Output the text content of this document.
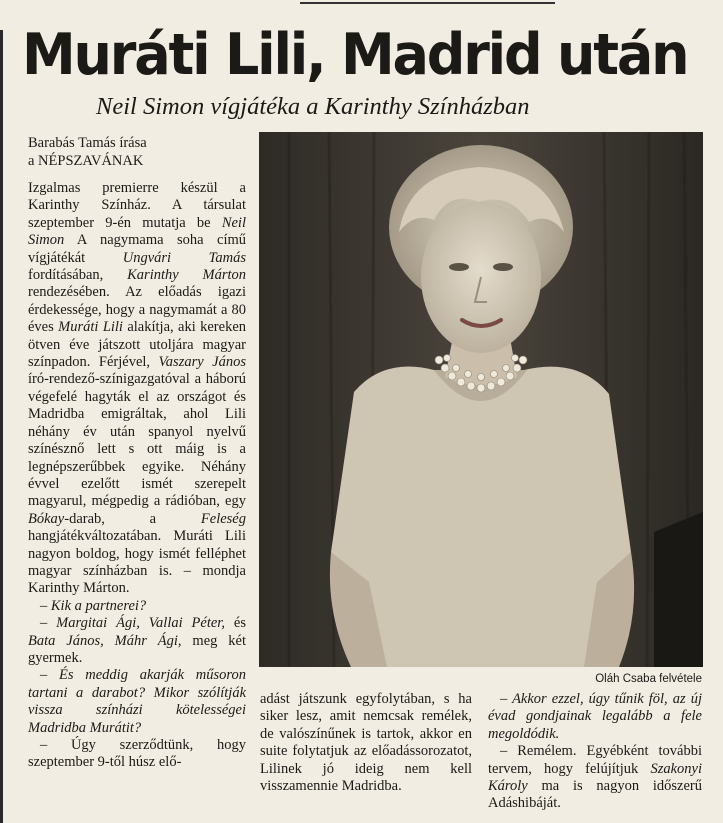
Muráti Lili, Madrid után
Neil Simon vígjátéka a Karinthy Színházban
Barabás Tamás írása
a NÉPSZAVÁNAK

Izgalmas premierre készül a Karinthy Színház. A társulat szeptember 9-én mutatja be Neil Simon A nagymama soha című vígjátékát Ungvári Tamás fordításában, Karinthy Márton rendezésében. Az előadás igazi érdekessége, hogy a nagymamát a 80 éves Muráti Lili alakítja, aki kereken ötven éve játszott utoljára magyar színpadon. Férjével, Vaszary János író-rendező-színigazgatóval a háború végefelé hagyták el az országot és Madridba emigráltak, ahol Lili néhány év után spanyol nyelvű színésznő lett s ott máig is a legnépszerűbbek egyike. Néhány évvel ezelőtt ismét szerepelt magyarul, mégpedig a rádióban, egy Bókay-darab, a Feleség hangjátékváltozatában. Muráti Lili nagyon boldog, hogy ismét felléphet magyar színházban is. – mondja Karinthy Márton.

– Kik a partnerei?

– Margitai Ági, Vallai Péter, és Bata János, Máhr Ági, meg két gyermek.

– És meddig akarják műsoron tartani a darabot? Mikor szólítják vissza színházi kötelességei Madridba Murátit?

– Úgy szerződtünk, hogy szeptember 9-től húsz elő-

Oláh Csaba felvétele

adást játszunk egyfolytában, s ha siker lesz, amit nemcsak remélek, de valószínűnek is tartok, akkor en suite folytatjuk az előadássorozatot, Lilinek jó ideig nem kell visszamennie Madridba.

– Akkor ezzel, úgy tűnik föl, az új évad gondjainak legalább a fele megoldódik.

– Remélem. Egyébként további tervem, hogy felújítjuk Szakonyi Károly ma is nagyon időszerű Adáshibáját.
